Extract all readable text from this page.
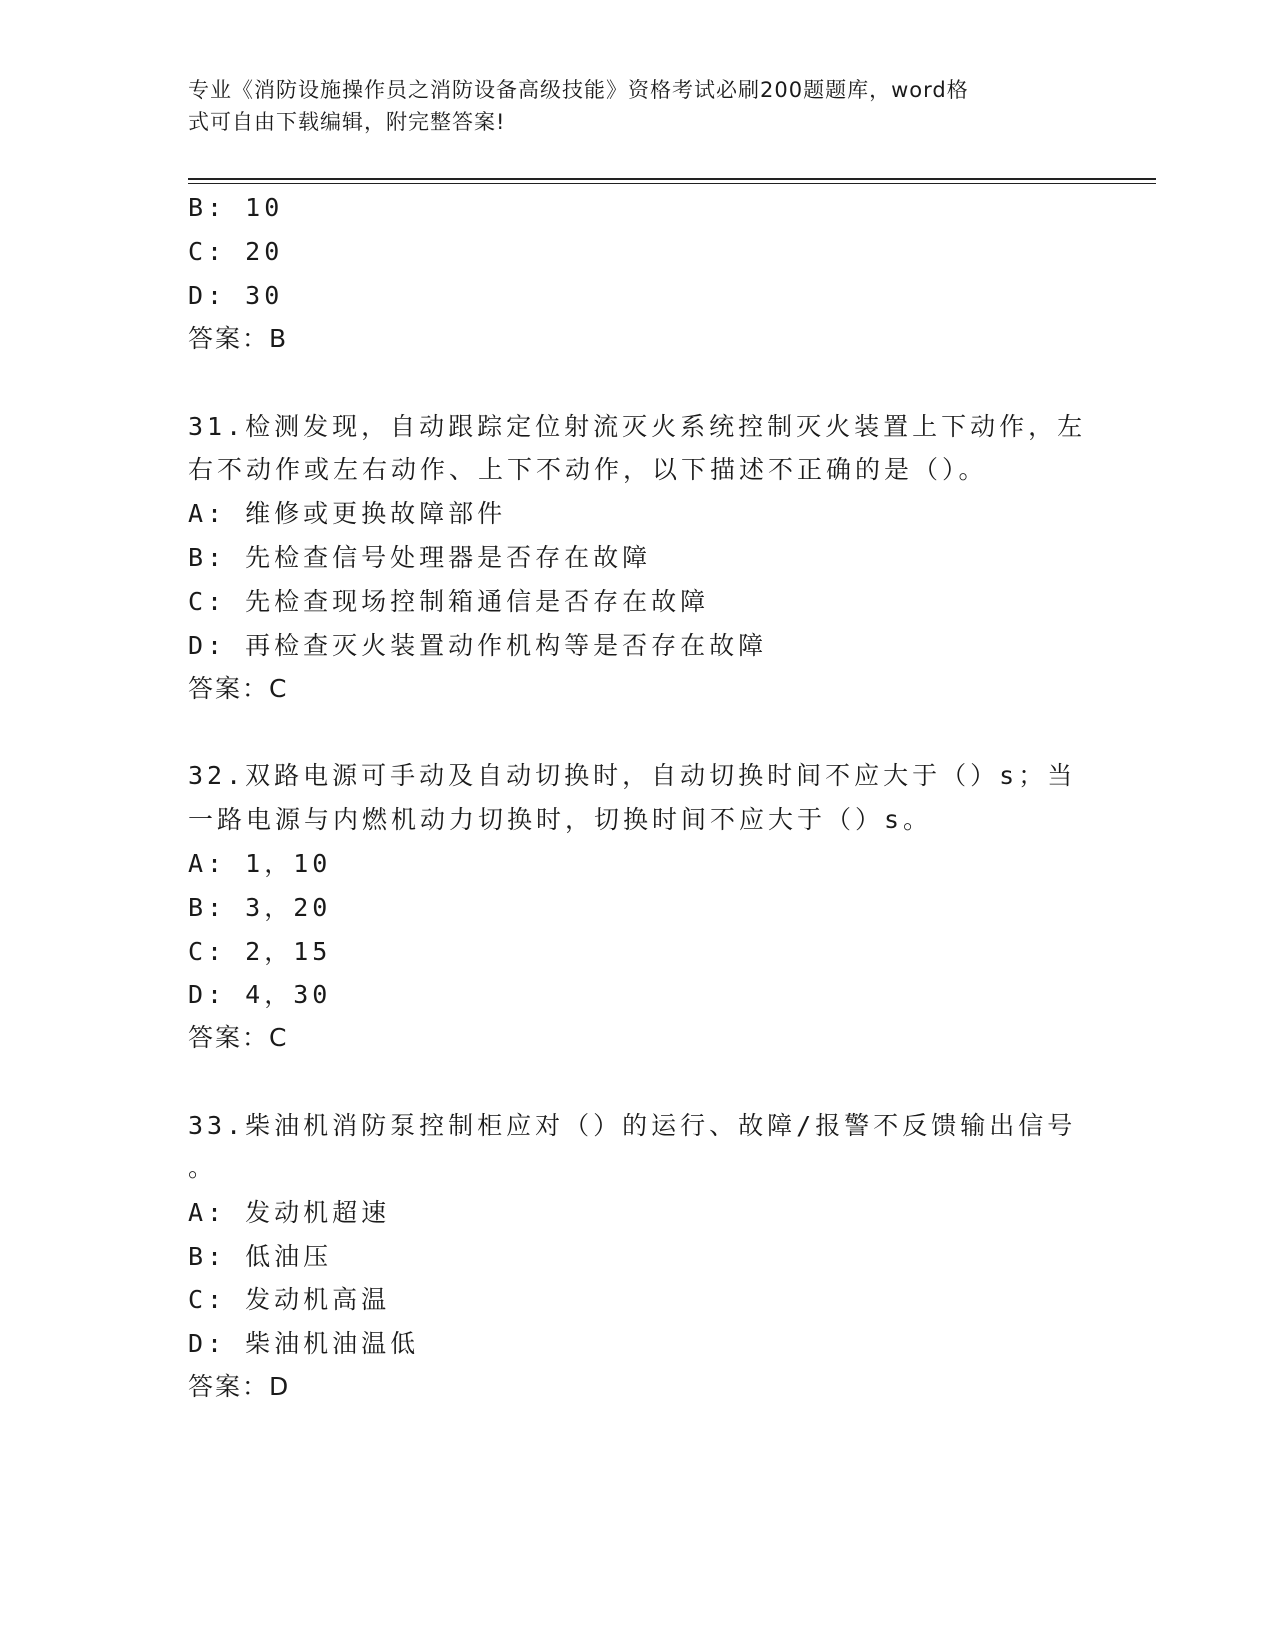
专业《消防设施操作员之消防设备高级技能》资格考试必刷200题题库，word格
式可自由下载编辑，附完整答案!
B: 10
C: 20
D: 30
答案：B
31.检测发现，自动跟踪定位射流灭火系统控制灭火装置上下动作，左
右不动作或左右动作、上下不动作，以下描述不正确的是（）。
A: 维修或更换故障部件
B: 先检查信号处理器是否存在故障
C: 先检查现场控制箱通信是否存在故障
D: 再检查灭火装置动作机构等是否存在故障
答案：C
32.双路电源可手动及自动切换时，自动切换时间不应大于（）s；当
一路电源与内燃机动力切换时，切换时间不应大于（）s。
A: 1，10
B: 3，20
C: 2，15
D: 4，30
答案：C
33.柴油机消防泵控制柜应对（）的运行、故障/报警不反馈输出信号
。
A: 发动机超速
B: 低油压
C: 发动机高温
D: 柴油机油温低
答案：D
